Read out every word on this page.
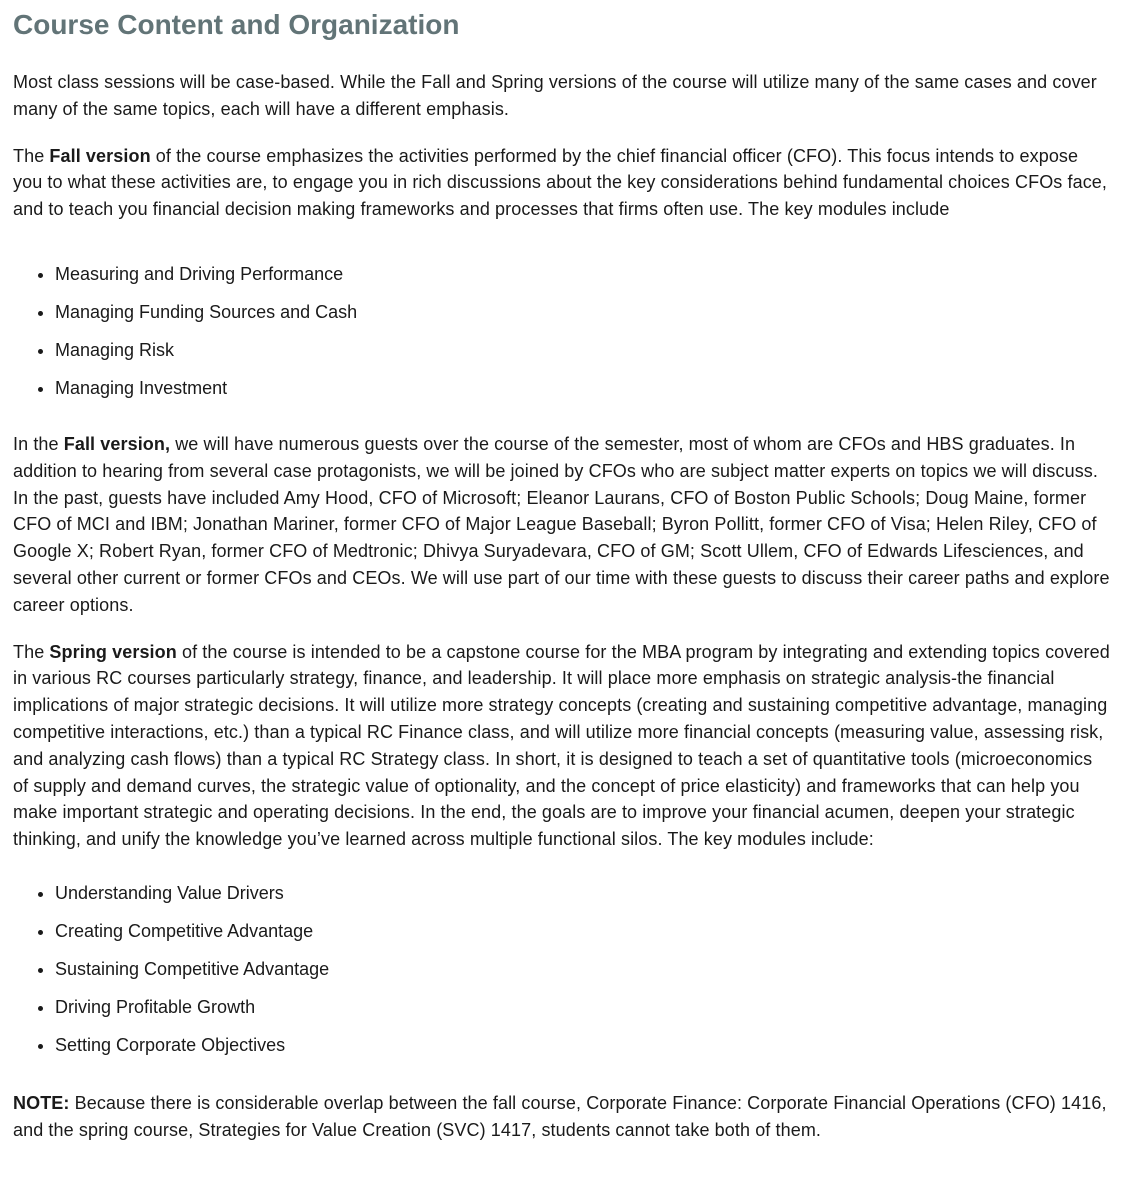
Course Content and Organization

Most class sessions will be case-based. While the Fall and Spring versions of the course will utilize many of the same cases and cover many of the same topics, each will have a different emphasis.

The Fall version of the course emphasizes the activities performed by the chief financial officer (CFO). This focus intends to expose you to what these activities are, to engage you in rich discussions about the key considerations behind fundamental choices CFOs face, and to teach you financial decision making frameworks and processes that firms often use. The key modules include

• Measuring and Driving Performance
• Managing Funding Sources and Cash
• Managing Risk
• Managing Investment

In the Fall version, we will have numerous guests over the course of the semester, most of whom are CFOs and HBS graduates. In addition to hearing from several case protagonists, we will be joined by CFOs who are subject matter experts on topics we will discuss. In the past, guests have included Amy Hood, CFO of Microsoft; Eleanor Laurans, CFO of Boston Public Schools; Doug Maine, former CFO of MCI and IBM; Jonathan Mariner, former CFO of Major League Baseball; Byron Pollitt, former CFO of Visa; Helen Riley, CFO of Google X; Robert Ryan, former CFO of Medtronic; Dhivya Suryadevara, CFO of GM; Scott Ullem, CFO of Edwards Lifesciences, and several other current or former CFOs and CEOs. We will use part of our time with these guests to discuss their career paths and explore career options.

The Spring version of the course is intended to be a capstone course for the MBA program by integrating and extending topics covered in various RC courses particularly strategy, finance, and leadership. It will place more emphasis on strategic analysis-the financial implications of major strategic decisions. It will utilize more strategy concepts (creating and sustaining competitive advantage, managing competitive interactions, etc.) than a typical RC Finance class, and will utilize more financial concepts (measuring value, assessing risk, and analyzing cash flows) than a typical RC Strategy class. In short, it is designed to teach a set of quantitative tools (microeconomics of supply and demand curves, the strategic value of optionality, and the concept of price elasticity) and frameworks that can help you make important strategic and operating decisions. In the end, the goals are to improve your financial acumen, deepen your strategic thinking, and unify the knowledge you’ve learned across multiple functional silos. The key modules include:

• Understanding Value Drivers
• Creating Competitive Advantage
• Sustaining Competitive Advantage
• Driving Profitable Growth
• Setting Corporate Objectives

NOTE: Because there is considerable overlap between the fall course, Corporate Finance: Corporate Financial Operations (CFO) 1416, and the spring course, Strategies for Value Creation (SVC) 1417, students cannot take both of them.
